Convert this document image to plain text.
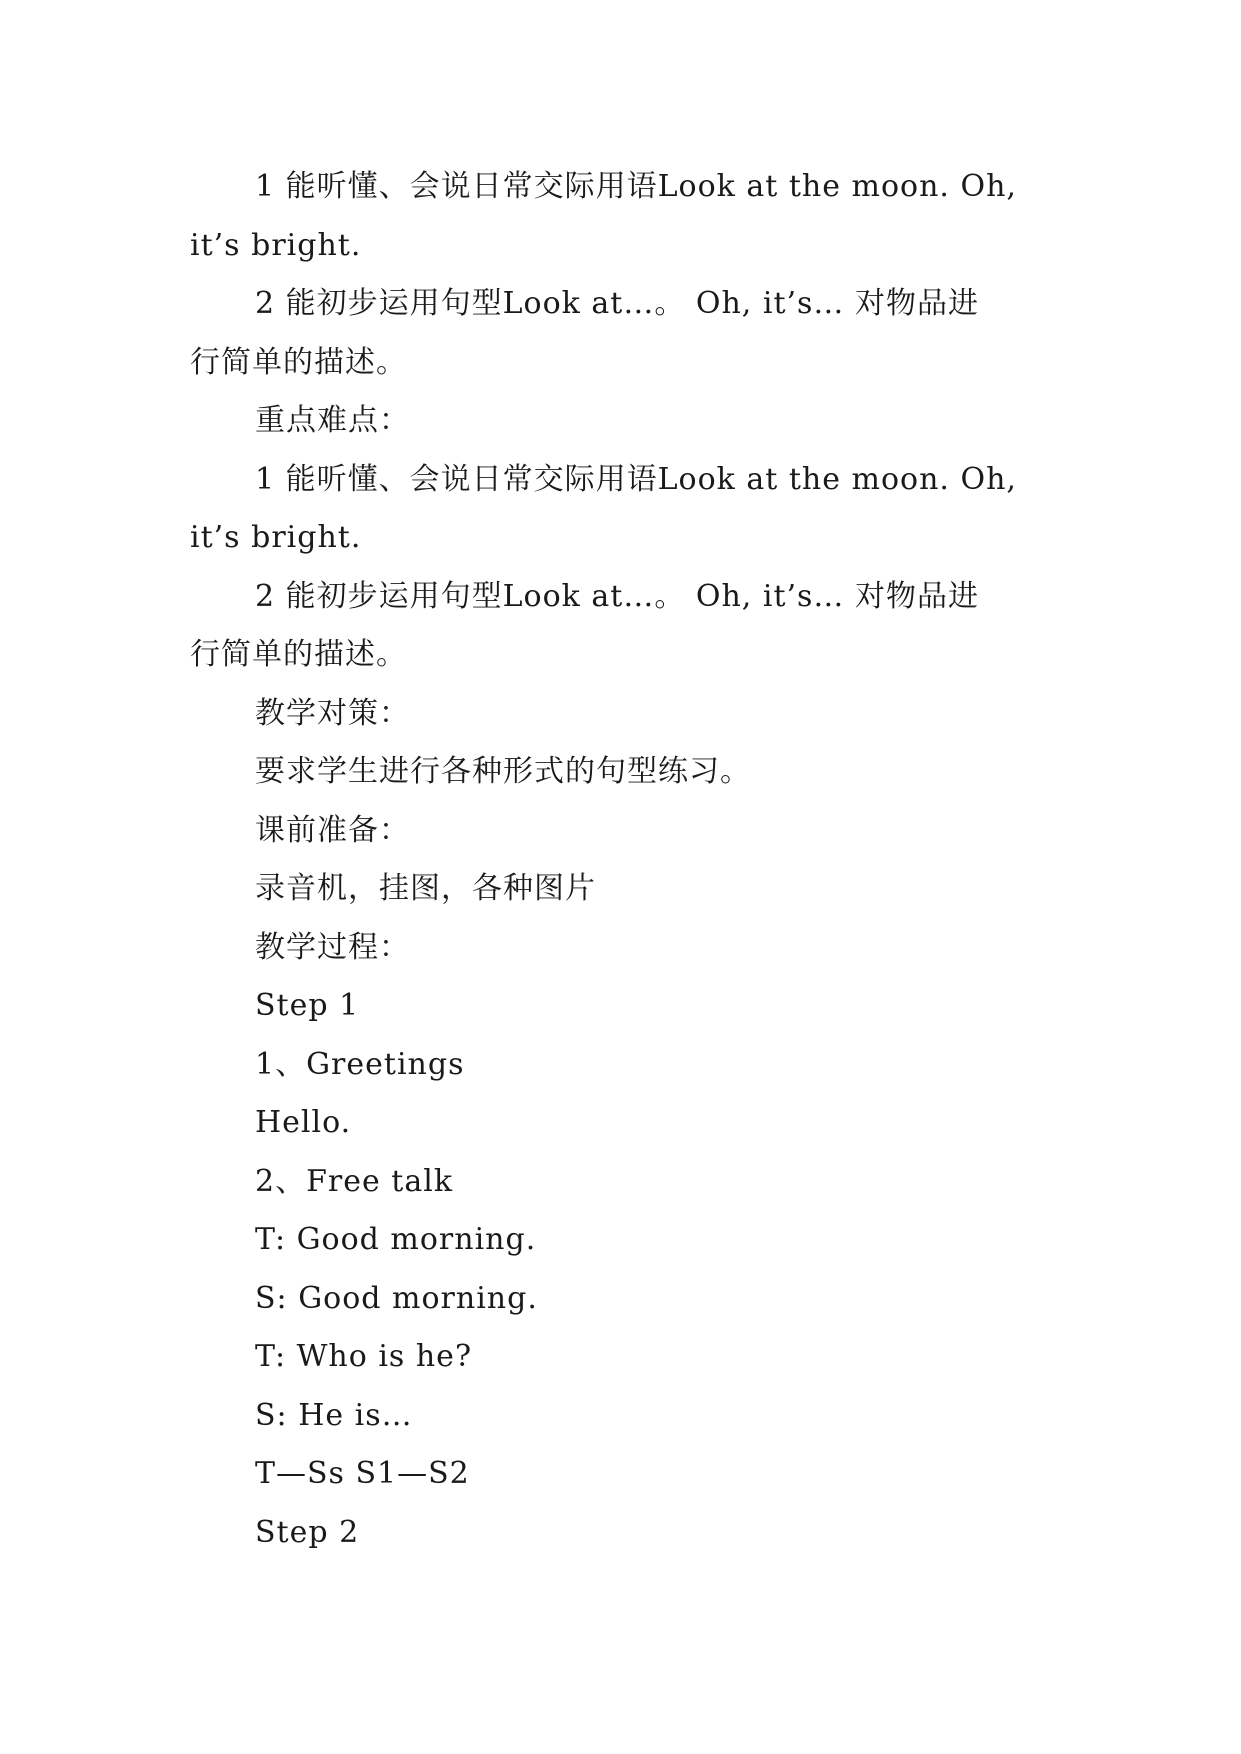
1 能听懂、会说日常交际用语Look at the moon. Oh,
it’s bright.
2 能初步运用句型Look at…。 Oh, it’s… 对物品进
行简单的描述。
重点难点：
1 能听懂、会说日常交际用语Look at the moon. Oh,
it’s bright.
2 能初步运用句型Look at…。 Oh, it’s… 对物品进
行简单的描述。
教学对策：
要求学生进行各种形式的句型练习。
课前准备：
录音机，挂图，各种图片
教学过程：
Step 1
1、Greetings
Hello.
2、Free talk
T: Good morning.
S: Good morning.
T: Who is he?
S: He is…
T—Ss S1—S2
Step 2
